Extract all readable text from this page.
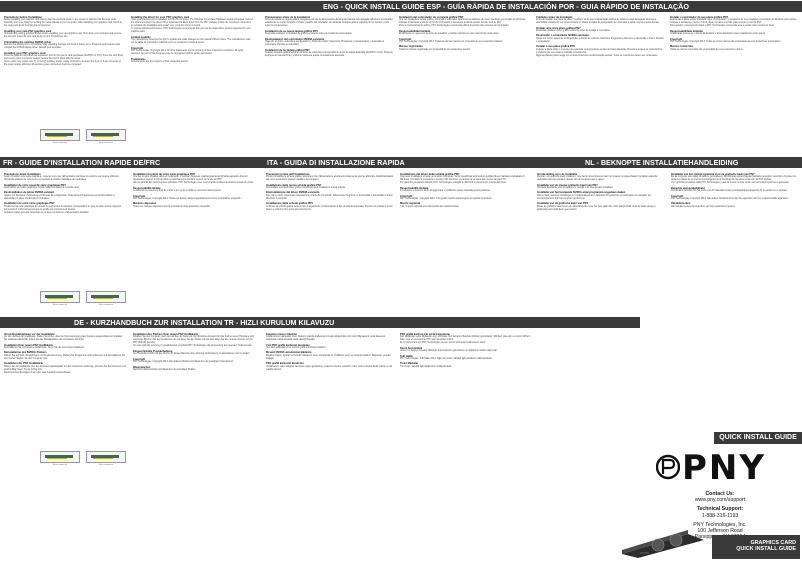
ENG - QUICK INSTALL GUIDE ESP - GUÍA RÁPIDA DE INSTALACIÓN POR - GUIA RÁPIDO DE INSTALAÇÃO
Precautions before Installation
Before installing your graphics card: Ensure that the electrical power to the system is switched off. Remove static electricity from your body by touching the metal chassis of your computer. When handling your graphics card, hold it by the edges and avoid touching the components.
Installing your new PNY graphics card
Uninstall any existing graphics drivers before installing your new graphics card. Shut down your computer and remove the old card. Insert the new card firmly into the PCI Express slot.
Uninstalling the existing NVIDIA driver
Remove the existing driver by clicking Start, selecting Settings and Control Panel. Go to Programs and Features and uninstall the NVIDIA display driver. Restart your computer.
Installing your PNY graphics card
Press the graphics card down the expansion port for the type of card purchased (AGP/PCI or PCI). Press the card firmly and evenly until it is properly seated. Secure the card in place with the screw.
Some cards may require one (1) or two (2) auxiliary power supply connectors. Connect the 6-pin or 8-pin connector to the power supply. Warning: All auxiliary power connectors must be connected.
Installing the driver for your PNY graphics card
Once your graphics card is installed, turn on the computer. The Windows Found New Hardware wizard will appear. Cancel the wizard and insert the driver CD or download the latest driver from the PNY website. Follow the on-screen instructions to complete the installation and restart your computer when prompted.
To ensure optimal performance, PNY Technologies recommends that you use the latest driver version supported by your graphics card.
Limited Liability
The manufacturer reserves the right to update and make changes to this material without notice. The manufacturer shall not be liable for technical or editorial errors or omissions contained herein.
Copyright
PNY Technologies. Copyright 2014. All other trademarks are the property of their respective companies. All rights reserved. No part of this document may be reproduced without written permission.
Trademarks
All trademarks are the property of their respective owners.
Precauciones antes de la instalación
Antes de instalar su tarjeta gráfica: Asegúrese de que la alimentación eléctrica del sistema esté apagada. Elimine la electricidad estática de su cuerpo tocando el chasis metálico del ordenador. Al manipular la tarjeta gráfica, sujétela por los bordes y evite tocar los componentes.
Instalación de su nueva tarjeta gráfica PNY
Desinstale cualquier controlador de gráficos existente antes de instalar la nueva tarjeta.
Desinstalación del controlador NVIDIA existente
Haga clic en Inicio, seleccione Configuración y Panel de control. Seleccione Programas y características y desinstale el controlador. Reinicie el ordenador.
Instalación de su tarjeta gráfica PNY
Coloque la tarjeta gráfica sobre el conector de expansión correspondiente al tipo de tarjeta adquirida (AGP/PCI o PCI). Presione la tarjeta de manera firme y uniforme hasta que quede correctamente asentada.
Instalación del controlador de su tarjeta gráfica PNY
Una vez instalada la tarjeta gráfica, encienda el ordenador. Aparecerá el asistente de nuevo hardware encontrado de Windows. Cancele el asistente e inserte el CD del controlador o descargue la última versión del sitio web de PNY.
Para un funcionamiento óptimo, PNY Technologies recomienda utilizar la versión más reciente del controlador.
Responsabilidad limitada
El fabricante se reserva el derecho de actualizar y realizar cambios en este material sin previo aviso.
Copyright
PNY Technologies. Copyright 2014. Todas las demás marcas son propiedad de sus respectivos titulares.
Marcas registradas
Todas las marcas registradas son propiedad de sus respectivos dueños.
Cuidados antes da instalação
Antes de instalar sua placa de vídeo: Certifique-se de que a alimentação elétrica do sistema esteja desligada. Remova a eletricidade estática do seu corpo tocando no chassi metálico do computador. Ao manusear a placa, segure-a pelas bordas.
Instalar uma nova placa gráfica PNY
Desinstale qualquer driver gráfico existente antes de instalar a nova placa.
Desinstalar o controlador NVIDIA existente
Clique em Iniciar, selecione Configurações e Painel de controle. Selecione Programas e Recursos e desinstale o driver. Reinicie o computador.
Instalar a sua placa gráfica PNY
Coloque a placa sobre o conector de expansão correspondente ao tipo de placa adquirida. Pressione a placa de maneira firme e uniforme até que esteja encaixada corretamente.
Algumas placas podem exigir um ou dois conectores de alimentação auxiliar. Todos os conectores devem ser conectados.
Instalar o controlador da sua placa gráfica PNY
Depois que a placa estiver instalada, ligue o computador. O assistente de novo hardware encontrado do Windows será exibido. Cancele o assistente e insira o CD do driver ou baixe a versão mais recente no site da PNY.
Para garantir o desempenho ideal, a PNY Technologies recomenda usar a versão mais recente do driver.
Responsabilidade limitada
O fabricante reserva-se o direito de atualizar e fazer alterações neste material sem aviso prévio.
Copyright
PNY Technologies. Copyright 2014. Todas as outras marcas são propriedade de seus respectivos proprietários.
Marcas comerciais
Todas as marcas comerciais são propriedade de seus respectivos donos.
8-pin connector	8-pin connector
FR - GUIDE D'INSTALLATION RAPIDE DE/FRC	ITA - GUIDA DI INSTALLAZIONE RAPIDA	NL - BEKNOPTE INSTALLATIEHANDLEIDING
Précautions avant installation
Avant d'installer votre carte graphique : assurez-vous que l'alimentation électrique du système est coupée. Éliminez l'électricité statique de votre corps en touchant le châssis métallique de l'ordinateur.
Installation de votre nouvelle carte graphique PNY
Désinstallez tout pilote graphique existant avant d'installer la nouvelle carte.
Désinstallation du pilote NVIDIA existant
Cliquez sur Démarrer, Paramètres et Panneau de configuration. Sélectionnez Programmes et fonctionnalités et désinstallez le pilote. Redémarrez l'ordinateur.
Installation de votre carte graphique PNY
Positionnez la carte graphique au-dessus du connecteur d'extension correspondant au type de carte acheté. Appuyez fermement et uniformément jusqu'à ce qu'elle soit correctement insérée.
Certaines cartes peuvent nécessiter un ou deux connecteurs d'alimentation auxiliaire.
Installation du pilote de votre carte graphique PNY
Une fois la carte installée, allumez l'ordinateur. L'assistant Nouveau matériel détecté de Windows apparaît. Annulez l'assistant et insérez le CD du pilote ou téléchargez la dernière version sur le site de PNY.
Afin de garantir des performances optimales, PNY Technologies vous recommande d'utiliser la dernière version du pilote.
Responsabilité limitée
Le fabricant se réserve le droit de mettre à jour et de modifier ce document sans préavis.
Copyright
PNY Technologies. Copyright 2014. Toutes les autres marques appartiennent à leurs propriétaires respectifs.
Marques déposées
Toutes les marques déposées sont la propriété de leurs détenteurs respectifs.
Precauzioni prima dell'installazione
Prima di installare la scheda grafica: assicurarsi che l'alimentazione elettrica del sistema sia spenta. Eliminare l'elettricità statica dal corpo toccando lo chassis metallico del computer.
Installazione della nuova scheda grafica PNY
Disinstallare eventuali driver grafici esistenti prima di installare la nuova scheda.
Disinstallazione del driver NVIDIA esistente
Fare clic su Start, selezionare Impostazioni e Pannello di controllo. Selezionare Programmi e funzionalità e disinstallare il driver. Riavviare il computer.
Installazione della scheda grafica PNY
Collocare la scheda grafica sopra lo slot di espansione corrispondente al tipo di scheda acquistata. Premere la scheda in modo deciso e uniforme fino al corretto inserimento.
Installazione del driver della scheda grafica PNY
Dopo aver installato la scheda, accendere il computer. Verrà visualizzata la procedura guidata Nuovo hardware individuato di Windows. Annullare la procedura e inserire il CD del driver o scaricare la versione più recente dal sito PNY.
Per garantire prestazioni ottimali, PNY Technologies consiglia di utilizzare la versione più recente del driver.
Responsabilità limitata
Il produttore si riserva il diritto di aggiornare e modificare questo materiale senza preavviso.
Copyright
PNY Technologies. Copyright 2014. Tutti gli altri marchi appartengono ai rispettivi proprietari.
Marchi registrati
Tutti i marchi registrati sono di proprietà dei rispettivi titolari.
Voorbereiding voor de installatie
Voordat u de grafische kaart installeert: zorg dat de stroomtoevoer naar het systeem is uitgeschakeld. Verwijder statische elektriciteit door het metalen chassis van de computer aan te raken.
Installatie van de nieuwe grafische kaart van PNY
Verwijder bestaande stuurprogramma's voordat u de nieuwe kaart installeert.
Installatie van het bestaande NVIDIA-stuurprogramma ongedaan maken
Klik op Start, selecteer Instellingen en Configuratiescherm. Selecteer Programma's en onderdelen en verwijder het stuurprogramma. Start de computer opnieuw op.
Installatie van de grafische kaart van PNY
Plaats de grafische kaart boven de uitbreidingssleuf voor het type kaart dat u hebt aangeschaft. Druk de kaart stevig en gelijkmatig aan totdat deze goed vastzit.
Installatie van het stuurprogramma voor de grafische kaart van PNY
Zet de computer aan nadat de kaart is geïnstalleerd. De Windows-wizard Nieuwe hardware gevonden verschijnt. Annuleer de wizard en plaats de cd met het stuurprogramma of download de nieuwste versie van de PNY-website.
Voor optimale prestaties raadt PNY Technologies u aan de meest recente versie van het stuurprogramma te gebruiken.
Beperkte aansprakelijkheid
De fabrikant behoudt zich het recht voor dit materiaal zonder voorafgaande kennisgeving bij te werken en te wijzigen.
Copyright
PNY Technologies. Copyright 2014. Alle andere handelsmerken zijn het eigendom van hun respectievelijke eigenaren.
Handelsmerken
Alle handelsmerken zijn eigendom van hun respectieve houders.
8-pin connector	8-pin connector
DE - KURZHANDBUCH ZUR INSTALLATION TR - HIZLI KURULUM KILAVUZU
Vorsichtsmaßnahmen vor der Installation
Vor dem Einbau der Grafikkarte: Stellen Sie sicher, dass die Stromversorgung des Systems ausgeschaltet ist. Entladen Sie statische Elektrizität, indem Sie das Metallgehäuse des Computers berühren.
Installation Ihrer neuen PNY Grafikkarte
Deinstallieren Sie vorhandene Grafiktreiber, bevor Sie die neue Karte installieren.
Deinstallation des NVIDIA-Treibers
Klicken Sie auf Start, Einstellungen und Systemsteuerung. Wählen Sie Programme und Funktionen und deinstallieren Sie den Treiber. Starten Sie den Computer neu.
Installation der PNY Grafikkarte
Setzen Sie die Grafikkarte über den Erweiterungssteckplatz für den erworbenen Kartentyp. Drücken Sie die Karte fest und gleichmäßig hinein, bis sie richtig sitzt.
Manche Karten benötigen einen oder zwei Zusatzstromanschlüsse.
Installation des Treibers Ihrer neuen PNY Grafikkarte
Schalten Sie den Computer nach dem Einbau der Karte ein. Der Windows-Assistent für das Suchen neuer Hardware wird angezeigt. Brechen Sie den Assistenten ab und legen Sie die Treiber-CD ein oder laden Sie die neueste Version von der PNY-Website herunter.
Um eine optimale Leistung zu gewährleisten, empfiehlt PNY Technologies die Verwendung der neuesten Treiberversion.
Eingeschränkte Produkthaftung
Der Hersteller behält sich das Recht vor, dieses Material ohne vorherige Ankündigung zu aktualisieren und zu ändern.
Copyright
PNY Technologies. Copyright 2014. Alle anderen Marken sind Eigentum der jeweiligen Unternehmen.
Warenzeichen
Sämtliche Warenzeichen sind Eigentum der jeweiligen Inhaber.
Kurulum öncesi önlemler
Grafik kartınızı takmadan önce: Sistemin elektrik bağlantısının kesik olduğundan emin olun. Bilgisayarın metal kasasına dokunarak vücudunuzdaki statik elektriği boşaltın.
Yeni PNY grafik kartınızın kurulumu
Yeni kartı takmadan önce mevcut grafik sürücülerini kaldırın.
Mevcut NVIDIA sürücüsünü kaldırma
Başlat'a tıklayın, Ayarlar ve Denetim Masası'nı seçin. Programlar ve Özellikler'i seçin ve sürücüyü kaldırın. Bilgisayarı yeniden başlatın.
PNY grafik kartınızın kurulumu
Grafik kartını, satın aldığınız kart tipine uygun genişletme yuvasının üzerine yerleştirin. Kartı yerine oturana kadar sıkıca ve eşit şekilde bastırın.
PNY grafik kartınız için sürücü kurulumu
Kart takıldıktan sonra bilgisayarı açın. Windows Yeni Donanım Bulundu sihirbazı görüntülenir. Sihirbazı iptal edin ve sürücü CD'sini takın veya en son sürümü PNY web sitesinden indirin.
En iyi performans için PNY Technologies en son sürücü sürümünü kullanmanızı önerir.
Sınırlı Sorumluluk
Üretici, bu belgeyi önceden bildirimde bulunmaksızın güncelleme ve değiştirme hakkını saklı tutar.
Telif Hakkı
PNY Technologies. Telif Hakkı 2014. Diğer tüm ticari markalar ilgili şirketlerin mülkiyetindedir.
Ticari Markalar
Tüm ticari markalar ilgili sahiplerinin mülkiyetindedir.
8-pin connector	8-pin connector
QUICK INSTALL GUIDE
PNY
Contact Us:
www.pny.com/support
Technical Support:
1-888-316-1193
PNY Technologies, Inc.
100 Jefferson Road
Parsippany,
9054855
GRAPHICS CARD
QUICK INSTALL GUIDE
